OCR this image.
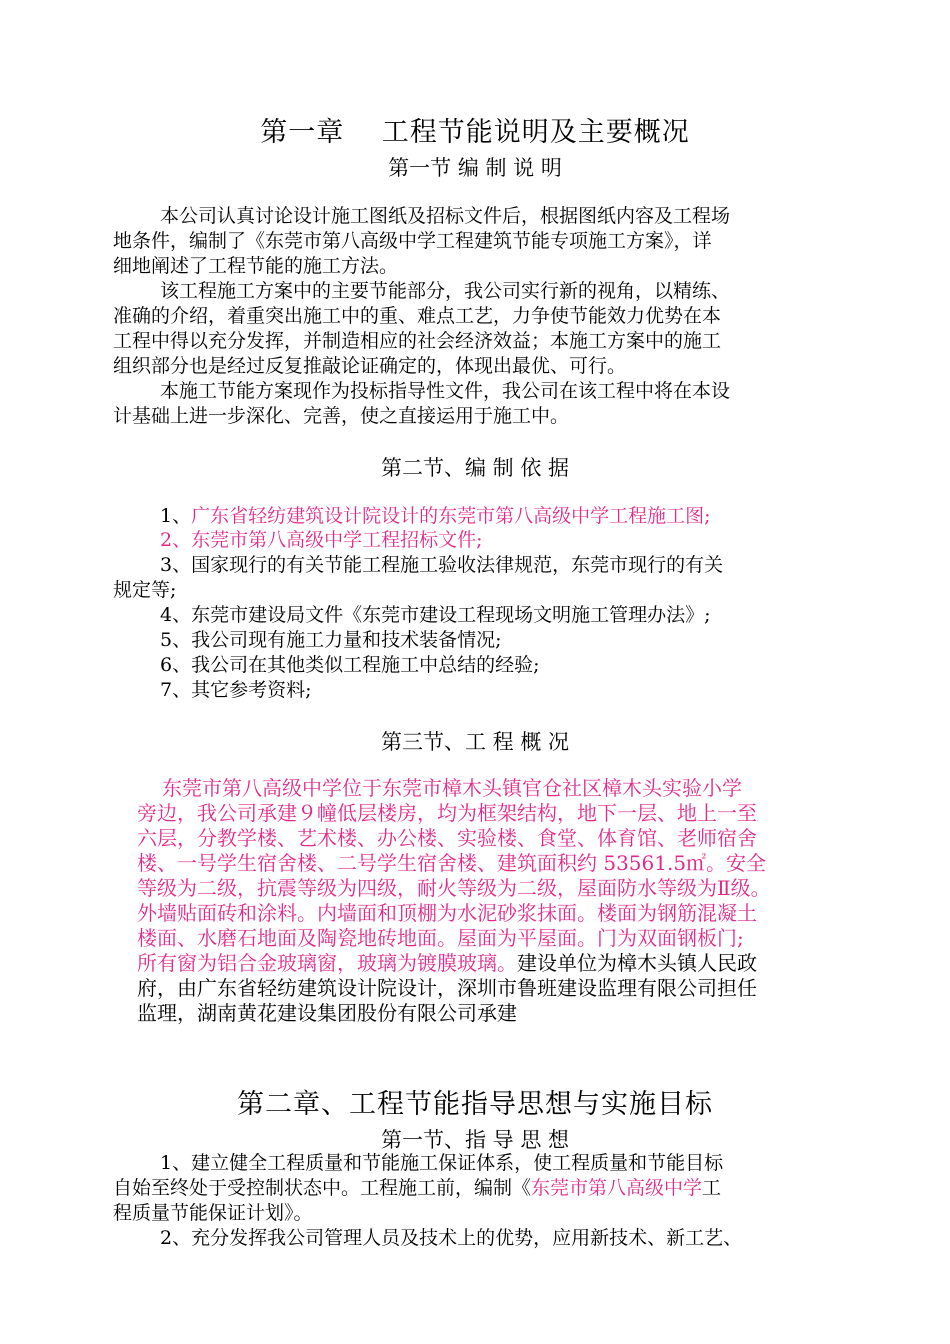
第一章　 工程节能说明及主要概况
第一节 编 制 说 明

本公司认真讨论设计施工图纸及招标文件后，根据图纸内容及工程场

地条件，编制了《东莞市第八高级中学工程建筑节能专项施工方案》，详

细地阐述了工程节能的施工方法。

该工程施工方案中的主要节能部分，我公司实行新的视角，以精练、

准确的介绍，着重突出施工中的重、难点工艺，力争使节能效力优势在本

工程中得以充分发挥，并制造相应的社会经济效益；本施工方案中的施工

组织部分也是经过反复推敲论证确定的，体现出最优、可行。

本施工节能方案现作为投标指导性文件，我公司在该工程中将在本设

计基础上进一步深化、完善，使之直接运用于施工中。

第二节、编 制 依 据

1、广东省轻纺建筑设计院设计的东莞市第八高级中学工程施工图;

2、东莞市第八高级中学工程招标文件;

3、国家现行的有关节能工程施工验收法律规范，东莞市现行的有关

规定等;

4、东莞市建设局文件《东莞市建设工程现场文明施工管理办法》;

5、我公司现有施工力量和技术装备情况;

6、我公司在其他类似工程施工中总结的经验;

7、其它参考资料;

第三节、工 程 概 况

东莞市第八高级中学位于东莞市樟木头镇官仓社区樟木头实验小学

旁边，我公司承建９幢低层楼房，均为框架结构，地下一层、地上一至

六层，分教学楼、艺术楼、办公楼、实验楼、食堂、体育馆、老师宿舍

楼、一号学生宿舍楼、二号学生宿舍楼、建筑面积约 53561.5㎡。安全

等级为二级，抗震等级为四级，耐火等级为二级，屋面防水等级为Ⅱ级。

外墙贴面砖和涂料。内墙面和顶棚为水泥砂浆抹面。楼面为钢筋混凝土

楼面、水磨石地面及陶瓷地砖地面。屋面为平屋面。门为双面钢板门;

所有窗为铝合金玻璃窗，玻璃为镀膜玻璃。建设单位为樟木头镇人民政

府，由广东省轻纺建筑设计院设计，深圳市鲁班建设监理有限公司担任

监理，湖南黄花建设集团股份有限公司承建

第二章、工程节能指导思想与实施目标
第一节、指 导 思 想

1、建立健全工程质量和节能施工保证体系，使工程质量和节能目标

自始至终处于受控制状态中。工程施工前，编制《东莞市第八高级中学工

程质量节能保证计划》。

2、充分发挥我公司管理人员及技术上的优势，应用新技术、新工艺、
